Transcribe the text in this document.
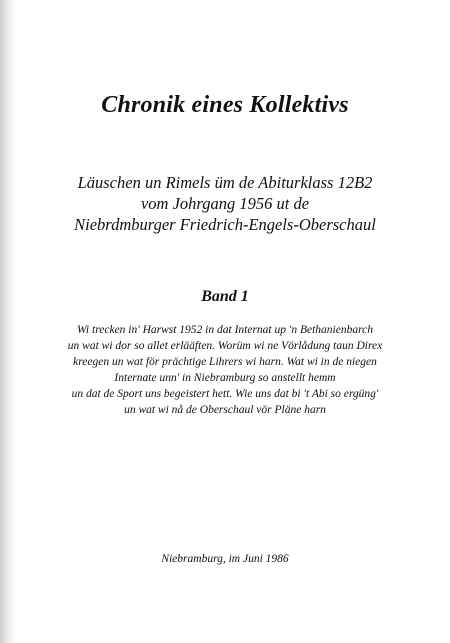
Chronik eines Kollektivs
Läuschen un Rimels üm de Abiturklass 12B2
vom Johrgang 1956 ut de
Niebrdmburger Friedrich-Engels-Oberschaul
Band 1
Wi trecken in' Harwst 1952 in dat Internat up 'n Bethanienbarch
un wat wi dor so allet erlääften. Worüm wi ne Vörlådung taun Direx
kreegen un wat för prächtige Lihrers wi harn. Wat wi in de niegen
Internate unn' in Niebramburg so anstellt hemm
un dat de Sport uns begeistert hett. Wie uns dat bi 't Abi so ergüng'
un wat wi nå de Oberschaul vör Pläne harn
Niebramburg, im Juni 1986
